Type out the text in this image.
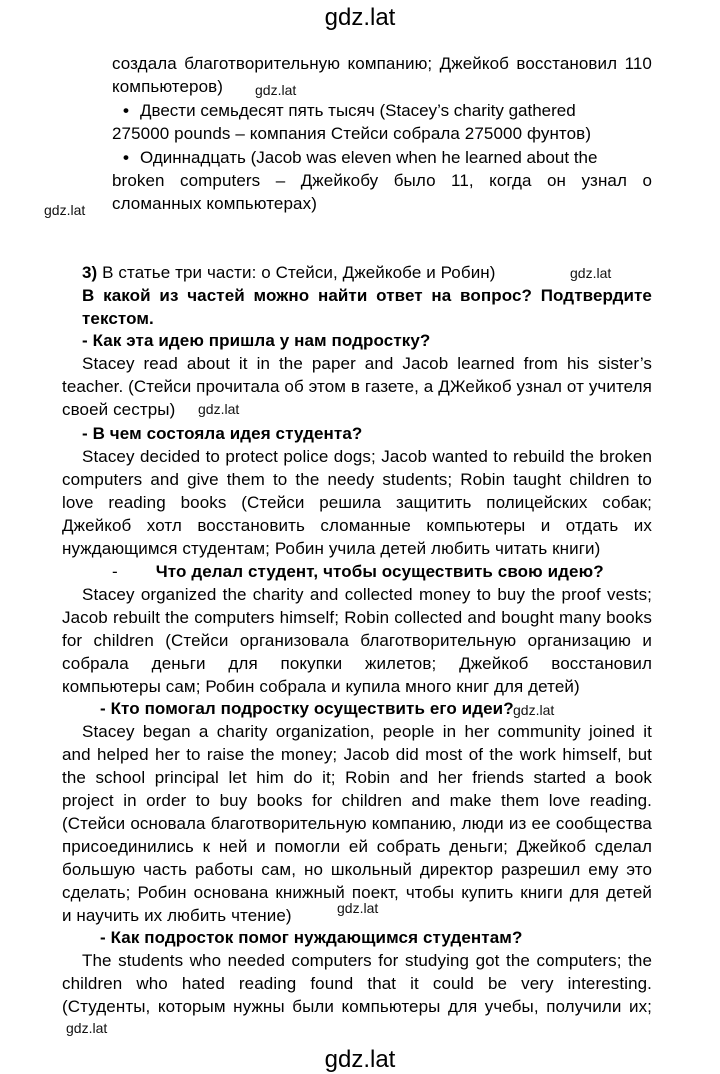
gdz.lat
создала благотворительную компанию; Джейкоб восстановил 110
компьютеров)
• Двести семьдесят пять тысяч (Stacey’s charity gathered
275000 pounds – компания Стейси собрала 275000 фунтов)
• Одиннадцать (Jacob was eleven when he learned about the
broken computers – Джейкобу было 11, когда он узнал о
сломанных компьютерах)
3) В статье три части: о Стейси, Джейкобе и Робин)
В какой из частей можно найти ответ на вопрос? Подтвердите
текстом.
- Как эта идею пришла у нам подростку?
Stacey read about it in the paper and Jacob learned from his sister’s
teacher. (Стейси прочитала об этом в газете, а ДЖейкоб узнал от учителя
своей сестры)
- В чем состояла идея студента?
Stacey decided to protect police dogs; Jacob wanted to rebuild the broken
computers and give them to the needy students; Robin taught children to
love reading books (Стейси решила защитить полицейских собак;
Джейкоб хотл восстановить сломанные компьютеры и отдать их
нуждающимся студентам; Робин учила детей любить читать книги)
- Что делал студент, чтобы осуществить свою идею?
Stacey organized the charity and collected money to buy the proof vests;
Jacob rebuilt the computers himself; Robin collected and bought many books
for children (Стейси организовала благотворительную организацию и
собрала деньги для покупки жилетов; Джейкоб восстановил
компьютеры сам; Робин собрала и купила много книг для детей)
- Кто помогал подростку осуществить его идеи?
Stacey began a charity organization, people in her community joined it
and helped her to raise the money; Jacob did most of the work himself, but
the school principal let him do it; Robin and her friends started a book
project in order to buy books for children and make them love reading.
(Стейси основала благотворительную компанию, люди из ее сообщества
присоединились к ней и помогли ей собрать деньги; Джейкоб сделал
большую часть работы сам, но школьный директор разрешил ему это
сделать; Робин основана книжный поект, чтобы купить книги для детей
и научить их любить чтение)
- Как подросток помог нуждающимся студентам?
The students who needed computers for studying got the computers; the
children who hated reading found that it could be very interesting.
(Студенты, которым нужны были компьютеры для учебы, получили их;
gdz.lat
gdz.lat
gdz.lat
gdz.lat
gdz.lat
gdz.lat
gdz.lat
gdz.lat
